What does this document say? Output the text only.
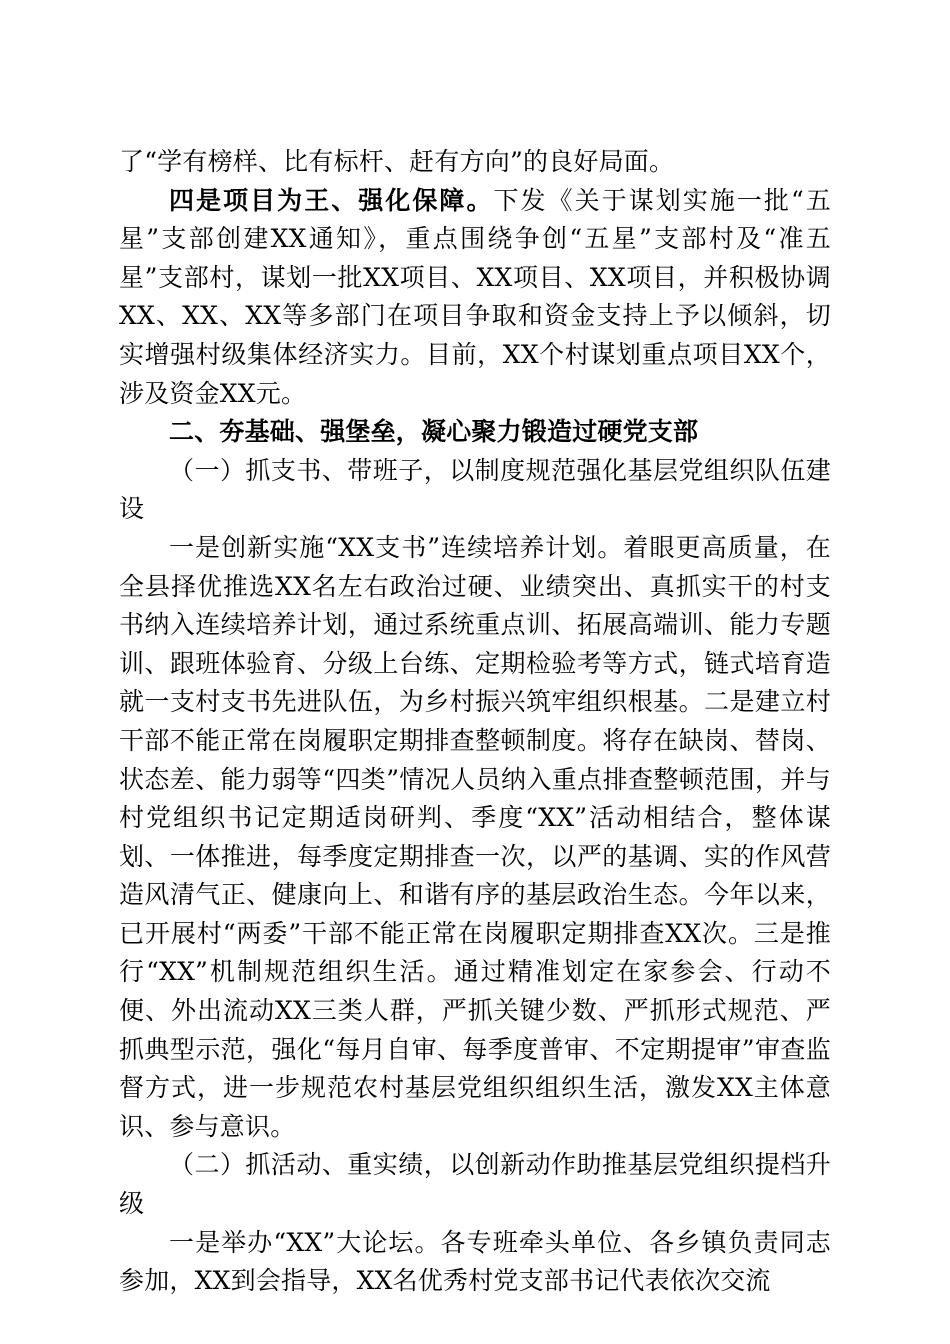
了“学有榜样、比有标杆、赶有方向”的良好局面。

四是项目为王、强化保障。下发《关于谋划实施一批“五星”支部创建XX通知》，重点围绕争创“五星”支部村及“准五星”支部村，谋划一批XX项目、XX项目、XX项目，并积极协调XX、XX、XX等多部门在项目争取和资金支持上予以倾斜，切实增强村级集体经济实力。目前，XX个村谋划重点项目XX个，涉及资金XX元。

二、夯基础、强堡垒，凝心聚力锻造过硬党支部

（一）抓支书、带班子，以制度规范强化基层党组织队伍建设

一是创新实施“XX支书”连续培养计划。着眼更高质量，在全县择优推选XX名左右政治过硬、业绩突出、真抓实干的村支书纳入连续培养计划，通过系统重点训、拓展高端训、能力专题训、跟班体验育、分级上台练、定期检验考等方式，链式培育造就一支村支书先进队伍，为乡村振兴筑牢组织根基。二是建立村干部不能正常在岗履职定期排查整顿制度。将存在缺岗、替岗、状态差、能力弱等“四类”情况人员纳入重点排查整顿范围，并与村党组织书记定期适岗研判、季度“XX”活动相结合，整体谋划、一体推进，每季度定期排查一次，以严的基调、实的作风营造风清气正、健康向上、和谐有序的基层政治生态。今年以来，已开展村“两委”干部不能正常在岗履职定期排查XX次。三是推行“XX”机制规范组织生活。通过精准划定在家参会、行动不便、外出流动XX三类人群，严抓关键少数、严抓形式规范、严抓典型示范，强化“每月自审、每季度普审、不定期提审”审查监督方式，进一步规范农村基层党组织组织生活，激发XX主体意识、参与意识。

（二）抓活动、重实绩，以创新动作助推基层党组织提档升级

一是举办“XX”大论坛。各专班牵头单位、各乡镇负责同志参加，XX到会指导，XX名优秀村党支部书记代表依次交流
